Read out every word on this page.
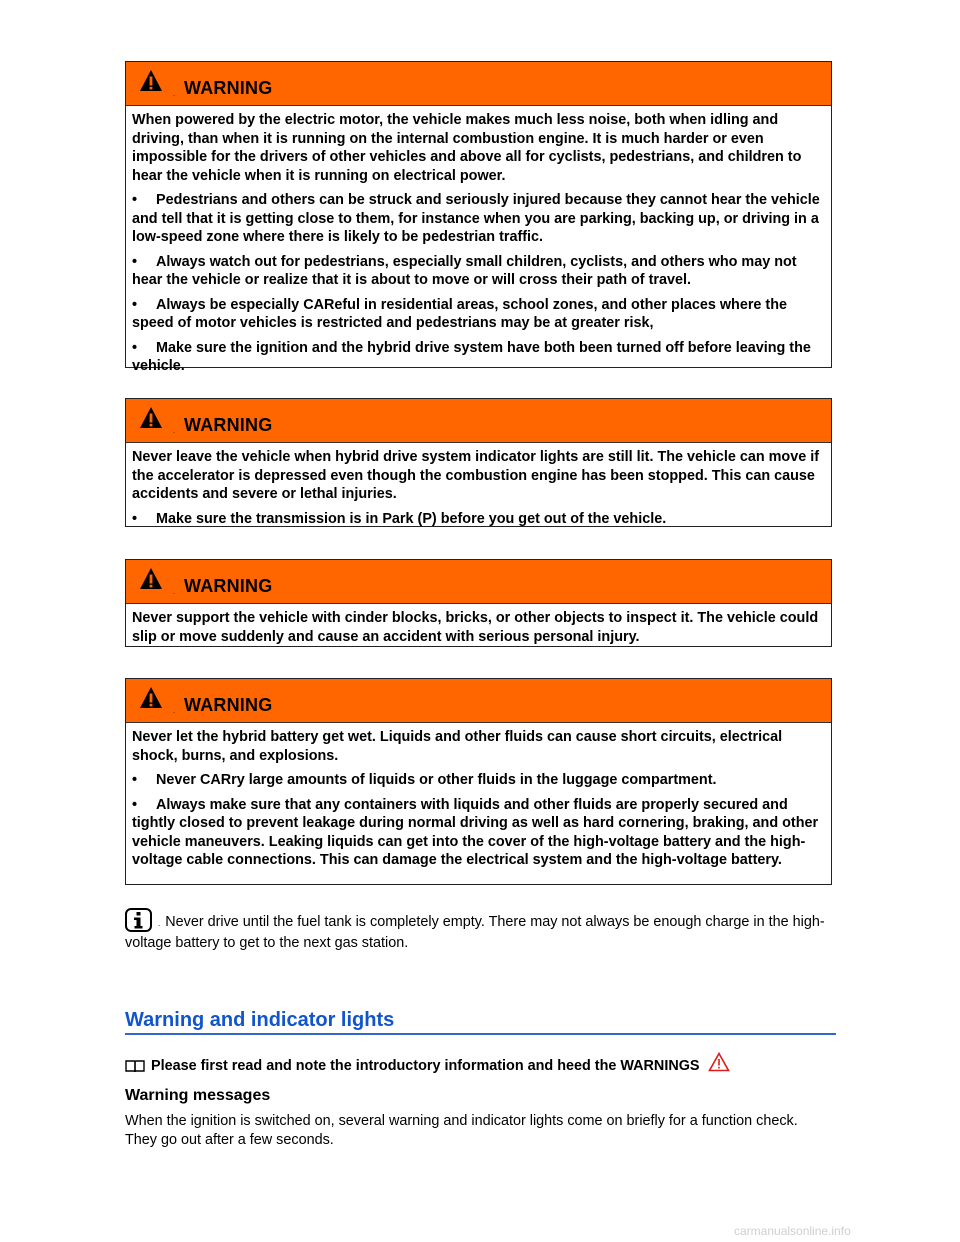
. WARNING

When powered by the electric motor, the vehicle makes much less noise, both when idling and driving, than when it is running on the internal combustion engine. It is much harder or even impossible for the drivers of other vehicles and above all for cyclists, pedestrians, and children to hear the vehicle when it is running on electrical power.

• Pedestrians and others can be struck and seriously injured because they cannot hear the vehicle and tell that it is getting close to them, for instance when you are parking, backing up, or driving in a low-speed zone where there is likely to be pedestrian traffic.

• Always watch out for pedestrians, especially small children, cyclists, and others who may not hear the vehicle or realize that it is about to move or will cross their path of travel.

• Always be especially CAReful in residential areas, school zones, and other places where the speed of motor vehicles is restricted and pedestrians may be at greater risk,

• Make sure the ignition and the hybrid drive system have both been turned off before leaving the vehicle.

. WARNING

Never leave the vehicle when hybrid drive system indicator lights are still lit. The vehicle can move if the accelerator is depressed even though the combustion engine has been stopped. This can cause accidents and severe or lethal injuries.

• Make sure the transmission is in Park (P) before you get out of the vehicle.

. WARNING

Never support the vehicle with cinder blocks, bricks, or other objects to inspect it. The vehicle could slip or move suddenly and cause an accident with serious personal injury.

. WARNING

Never let the hybrid battery get wet. Liquids and other fluids can cause short circuits, electrical shock, burns, and explosions.

• Never CARry large amounts of liquids or other fluids in the luggage compartment.

• Always make sure that any containers with liquids and other fluids are properly secured and tightly closed to prevent leakage during normal driving as well as hard cornering, braking, and other vehicle maneuvers. Leaking liquids can get into the cover of the high-voltage battery and the high-voltage cable connections. This can damage the electrical system and the high-voltage battery.

. Never drive until the fuel tank is completely empty. There may not always be enough charge in the high-voltage battery to get to the next gas station.
Warning and indicator lights
Please first read and note the introductory information and heed the WARNINGS
Warning messages
When the ignition is switched on, several warning and indicator lights come on briefly for a function check. They go out after a few seconds.
carmanualsonline.info
